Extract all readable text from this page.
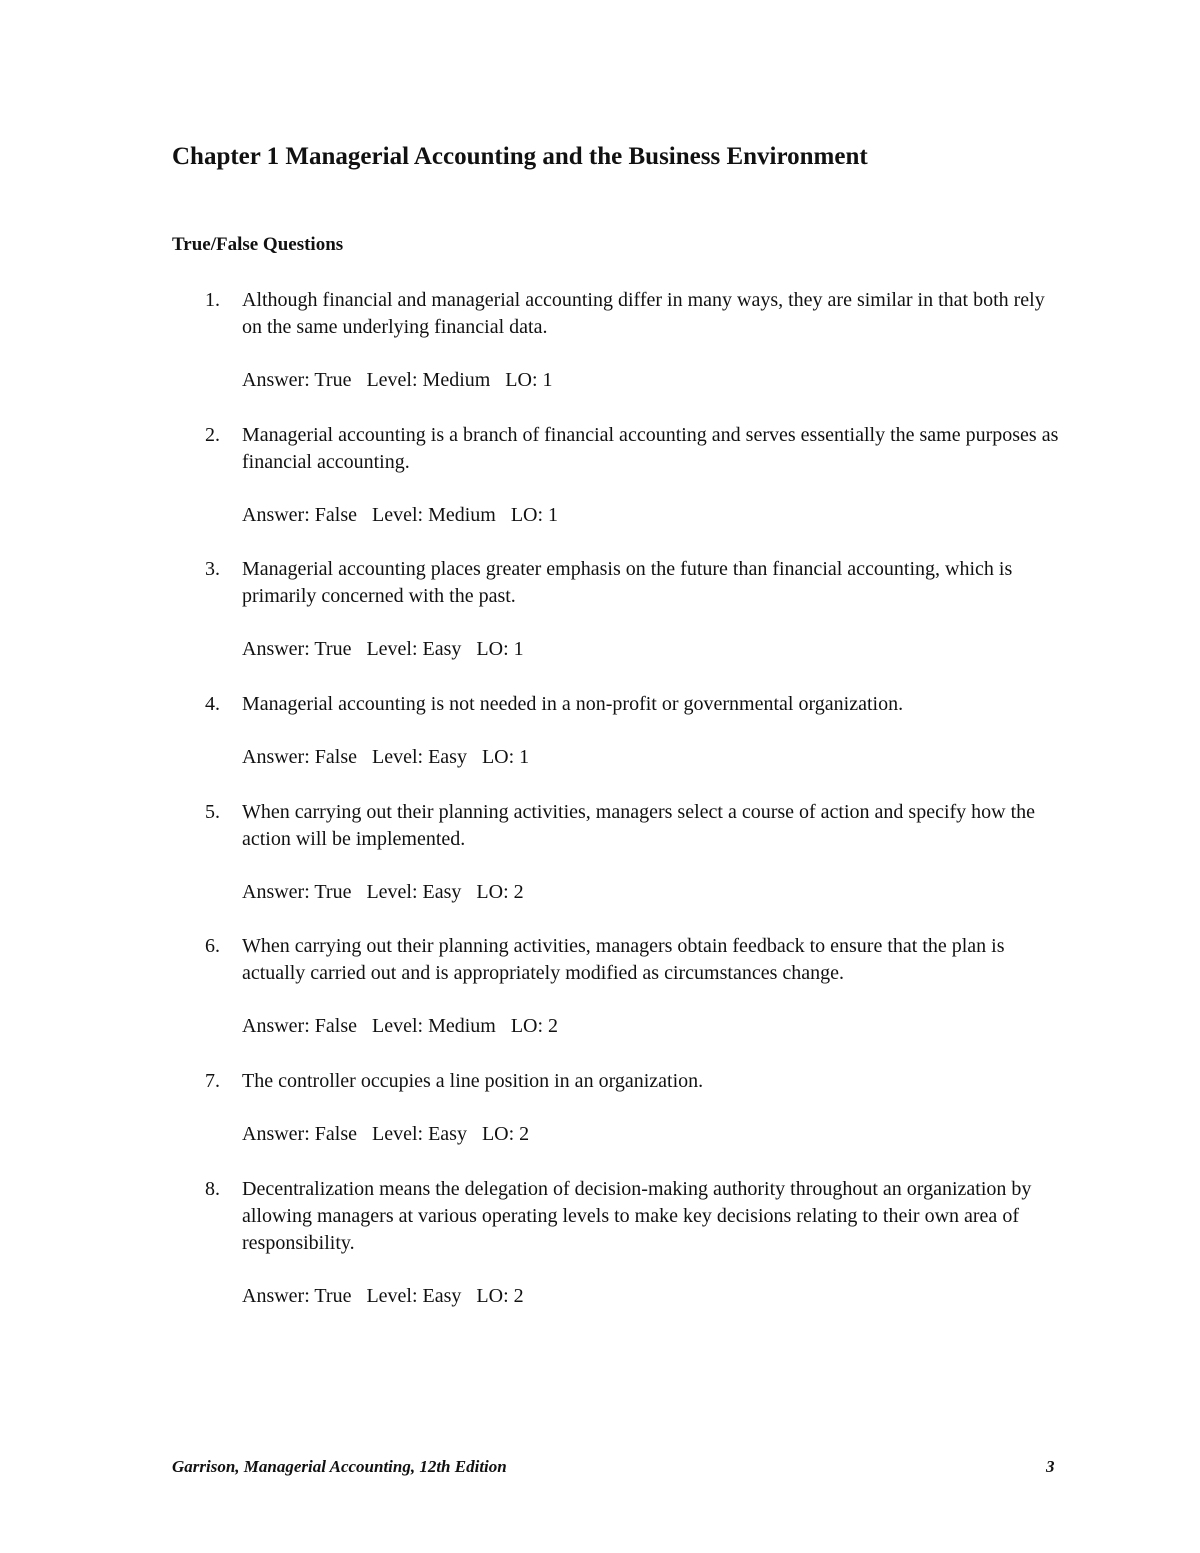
Chapter 1 Managerial Accounting and the Business Environment
True/False Questions
1.	Although financial and managerial accounting differ in many ways, they are similar in that both rely on the same underlying financial data.
Answer: True   Level: Medium   LO: 1
2.	Managerial accounting is a branch of financial accounting and serves essentially the same purposes as financial accounting.
Answer: False   Level: Medium   LO: 1
3.	Managerial accounting places greater emphasis on the future than financial accounting, which is primarily concerned with the past.
Answer: True   Level: Easy   LO: 1
4.	Managerial accounting is not needed in a non-profit or governmental organization.
Answer: False   Level: Easy   LO: 1
5.	When carrying out their planning activities, managers select a course of action and specify how the action will be implemented.
Answer: True   Level: Easy   LO: 2
6.	When carrying out their planning activities, managers obtain feedback to ensure that the plan is actually carried out and is appropriately modified as circumstances change.
Answer: False   Level: Medium   LO: 2
7.	The controller occupies a line position in an organization.
Answer: False   Level: Easy   LO: 2
8.	Decentralization means the delegation of decision-making authority throughout an organization by allowing managers at various operating levels to make key decisions relating to their own area of responsibility.
Answer: True   Level: Easy   LO: 2
Garrison, Managerial Accounting, 12th Edition	3
